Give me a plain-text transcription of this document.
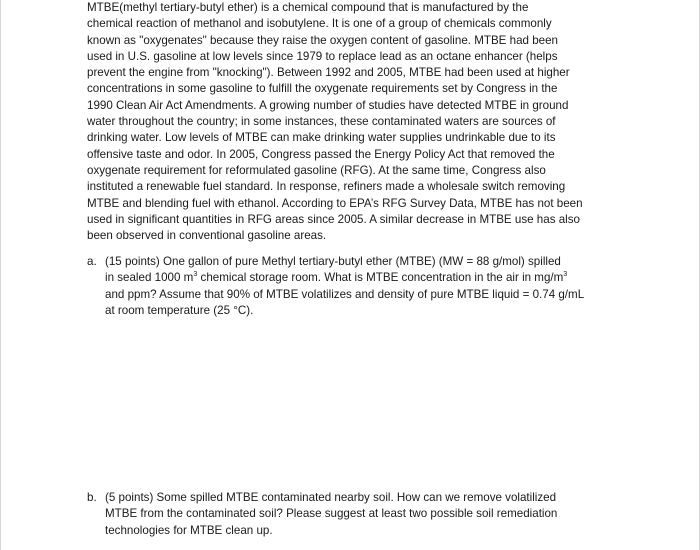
MTBE(methyl tertiary-butyl ether) is a chemical compound that is manufactured by the
chemical reaction of methanol and isobutylene. It is one of a group of chemicals commonly
known as "oxygenates" because they raise the oxygen content of gasoline. MTBE had been
used in U.S. gasoline at low levels since 1979 to replace lead as an octane enhancer (helps
prevent the engine from "knocking"). Between 1992 and 2005, MTBE had been used at higher
concentrations in some gasoline to fulfill the oxygenate requirements set by Congress in the
1990 Clean Air Act Amendments. A growing number of studies have detected MTBE in ground
water throughout the country; in some instances, these contaminated waters are sources of
drinking water. Low levels of MTBE can make drinking water supplies undrinkable due to its
offensive taste and odor. In 2005, Congress passed the Energy Policy Act that removed the
oxygenate requirement for reformulated gasoline (RFG). At the same time, Congress also
instituted a renewable fuel standard. In response, refiners made a wholesale switch removing
MTBE and blending fuel with ethanol. According to EPA’s RFG Survey Data, MTBE has not been
used in significant quantities in RFG areas since 2005. A similar decrease in MTBE use has also
been observed in conventional gasoline areas.

a. (15 points) One gallon of pure Methyl tertiary-butyl ether (MTBE) (MW = 88 g/mol) spilled
in sealed 1000 $m^3$ chemical storage room. What is MTBE concentration in the air in $mg/m^3$
and ppm? Assume that 90% of MTBE volatilizes and density of pure MTBE liquid = 0.74 g/mL
at room temperature (25 °C).
b. (5 points) Some spilled MTBE contaminated nearby soil. How can we remove volatilized
MTBE from the contaminated soil? Please suggest at least two possible soil remediation
technologies for MTBE clean up.
